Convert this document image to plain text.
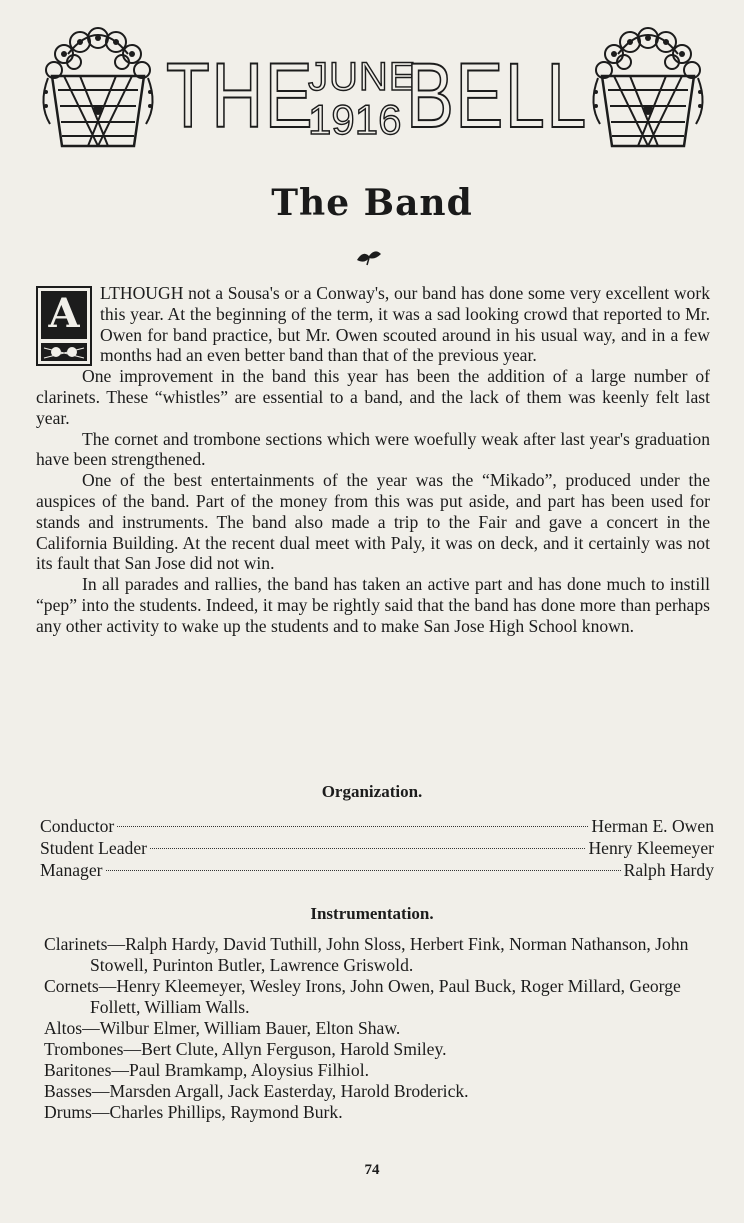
THE
JUNE
1916 BELL
The Band

A	LTHOUGH not a Sousa's or a Conway's, our band has done some very excellent work this year. At the beginning of the term, it was a sad looking crowd that reported to Mr. Owen for band practice, but Mr. Owen scouted around in his usual way, and in a few months had an even better band than that of the previous year.

One improvement in the band this year has been the addition of a large number of clarinets. These “whistles” are essential to a band, and the lack of them was keenly felt last year.

The cornet and trombone sections which were woefully weak after last year's graduation have been strengthened.

One of the best entertainments of the year was the “Mikado”, produced under the auspices of the band. Part of the money from this was put aside, and part has been used for stands and instruments. The band also made a trip to the Fair and gave a concert in the California Building. At the recent dual meet with Paly, it was on deck, and it certainly was not its fault that San Jose did not win.

In all parades and rallies, the band has taken an active part and has done much to instill “pep” into the students. Indeed, it may be rightly said that the band has done more than perhaps any other activity to wake up the students and to make San Jose High School known.

Organization.
Conductor	Herman E. Owen
Student Leader	Henry Kleemeyer
Manager	Ralph Hardy
Instrumentation.
Clarinets—Ralph Hardy, David Tuthill, John Sloss, Herbert Fink, Norman Nathanson, John Stowell, Purinton Butler, Lawrence Griswold.
Cornets—Henry Kleemeyer, Wesley Irons, John Owen, Paul Buck, Roger Millard, George Follett, William Walls.
Altos—Wilbur Elmer, William Bauer, Elton Shaw.
Trombones—Bert Clute, Allyn Ferguson, Harold Smiley.
Baritones—Paul Bramkamp, Aloysius Filhiol.
Basses—Marsden Argall, Jack Easterday, Harold Broderick.
Drums—Charles Phillips, Raymond Burk.
74
